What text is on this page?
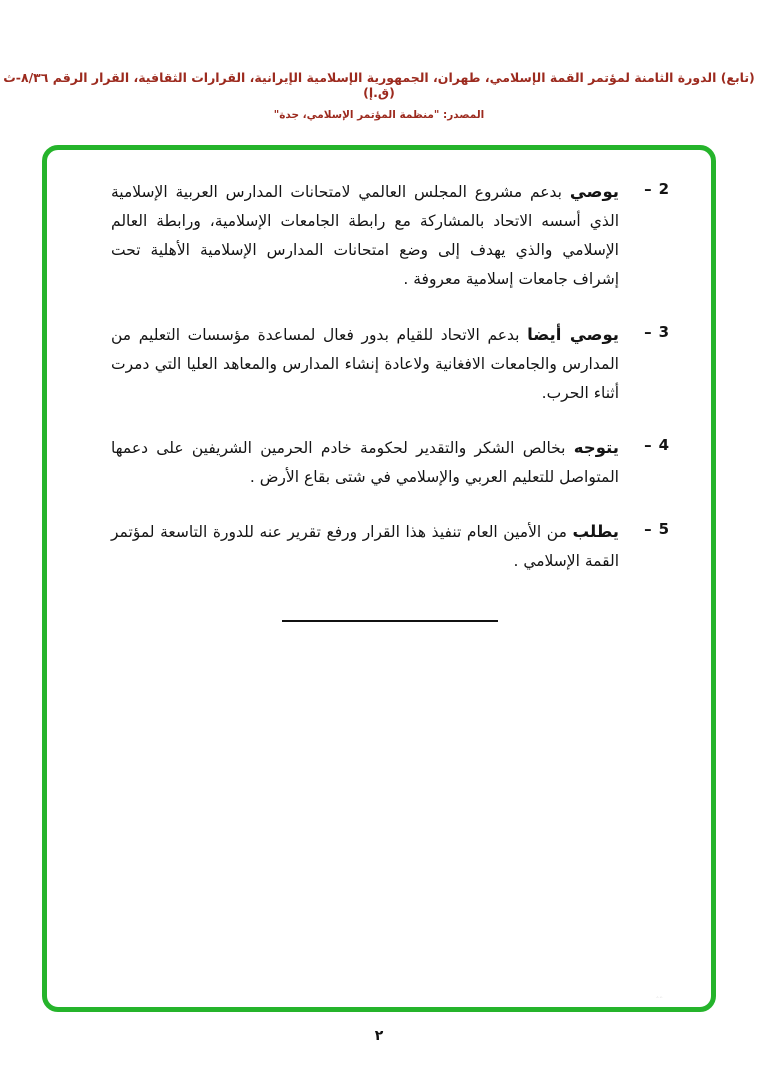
(تابع) الدورة الثامنة لمؤتمر القمة الإسلامي، طهران، الجمهورية الإسلامية الإيرانية، القرارات الثقافية، القرار الرقم ٨/٣٦-ث (ق.إ)
المصدر: "منظمة المؤتمر الإسلامي، جدة"
2
–

يوصي بدعم مشروع المجلس العالمي لامتحانات المدارس العربية الإسلامية الذي أسسه الاتحاد بالمشاركة مع رابطة الجامعات الإسلامية، ورابطة العالم الإسلامي والذي يهدف إلى وضع امتحانات المدارس الإسلامية الأهلية تحت إشراف جامعات إسلامية معروفة .

3
–

يوصي أيضا بدعم الاتحاد للقيام بدور فعال لمساعدة مؤسسات التعليم من المدارس والجامعات الافغانية ولاعادة إنشاء المدارس والمعاهد العليا التي دمرت أثناء الحرب.

4
–

يتوجه بخالص الشكر والتقدير لحكومة خادم الحرمين الشريفين على دعمها المتواصل للتعليم العربي والإسلامي في شتى بقاع الأرض .

5
–

يطلب من الأمين العام تنفيذ هذا القرار ورفع تقرير عنه للدورة التاسعة لمؤتمر القمة الإسلامي .

ۦۦ
٢
